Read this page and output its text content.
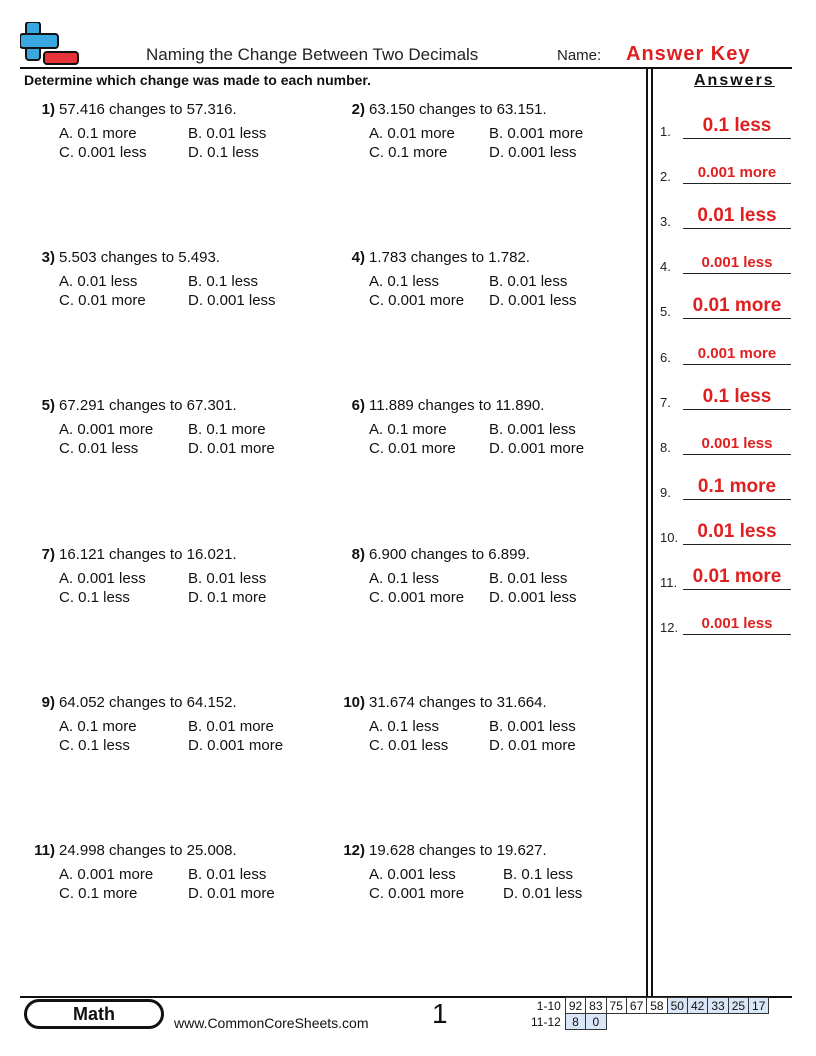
Naming the Change Between Two Decimals	Name: Answer Key
Determine which change was made to each number.
1) 57.416 changes to 57.316.
A. 0.1 more	B. 0.01 less
C. 0.001 less	D. 0.1 less
2) 63.150 changes to 63.151.
A. 0.01 more B. 0.001 more
C. 0.1 more	D. 0.001 less
3) 5.503 changes to 5.493.
A. 0.01 less	B. 0.1 less
C. 0.01 more	D. 0.001 less
4) 1.783 changes to 1.782.
A. 0.1 less	B. 0.01 less
C. 0.001 more D. 0.001 less
5) 67.291 changes to 67.301.
A. 0.001 more B. 0.1 more
C. 0.01 less	D. 0.01 more
6) 11.889 changes to 11.890.
A. 0.1 more	B. 0.001 less
C. 0.01 more D. 0.001 more
7) 16.121 changes to 16.021.
A. 0.001 less	B. 0.01 less
C. 0.1 less	D. 0.1 more
8) 6.900 changes to 6.899.
A. 0.1 less	B. 0.01 less
C. 0.001 more D. 0.001 less
9) 64.052 changes to 64.152.
A. 0.1 more	B. 0.01 more
C. 0.1 less	D. 0.001 more
10) 31.674 changes to 31.664.
A. 0.1 less	B. 0.001 less
C. 0.01 less	D. 0.01 more
11) 24.998 changes to 25.008.
A. 0.001 more B. 0.01 less
C. 0.1 more	D. 0.01 more
12) 19.628 changes to 19.627.
A. 0.001 less	B. 0.1 less
C. 0.001 more	D. 0.01 less
Answers
1.	0.1 less
2.	0.001 more
3.	0.01 less
4.	0.001 less
5.	0.01 more
6.	0.001 more
7.	0.1 less
8.	0.001 less
9.	0.1 more
10.	0.01 less
11. 0.01 more
12.	0.001 less
Math	www.CommonCoreSheets.com 1	1-10	92	83	75	67	58	50	42	33	25	17
11-12	8	0								
